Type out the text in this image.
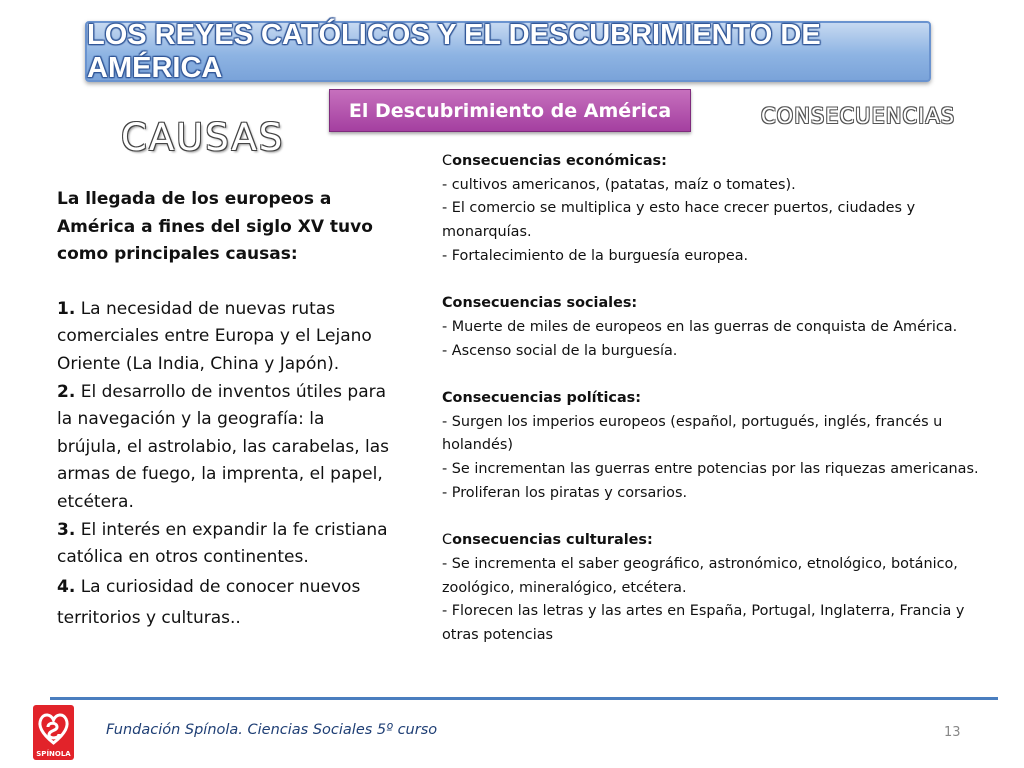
LOS REYES CATÓLICOS Y EL DESCUBRIMIENTO DE AMÉRICA
El Descubrimiento de América	CONSECUENCIAS
CAUSAS

La llegada de los europeos a América a fines del siglo XV tuvo como principales causas:

1. La necesidad de nuevas rutas comerciales entre Europa y el Lejano Oriente (La India, China y Japón).

2. El desarrollo de inventos útiles para la navegación y la geografía: la brújula, el astrolabio, las carabelas, las armas de fuego, la imprenta, el papel, etcétera.

3. El interés en expandir la fe cristiana católica en otros continentes.

4. La curiosidad de conocer nuevos territorios y culturas..

Consecuencias económicas:
- cultivos americanos, (patatas, maíz o tomates).
- El comercio se multiplica y esto hace crecer puertos, ciudades y monarquías.
- Fortalecimiento de la burguesía europea.
Consecuencias sociales:
- Muerte de miles de europeos en las guerras de conquista de América.
- Ascenso social de la burguesía.
Consecuencias políticas:
- Surgen los imperios europeos (español, portugués, inglés, francés u holandés)
- Se incrementan las guerras entre potencias por las riquezas americanas.
- Proliferan los piratas y corsarios.
Consecuencias culturales:
- Se incrementa el saber geográfico, astronómico, etnológico, botánico, zoológico, mineralógico, etcétera.
- Florecen las letras y las artes en España, Portugal, Inglaterra, Francia y otras potencias
SPÍNOLA
Fundación Spínola. Ciencias Sociales 5º curso	13
